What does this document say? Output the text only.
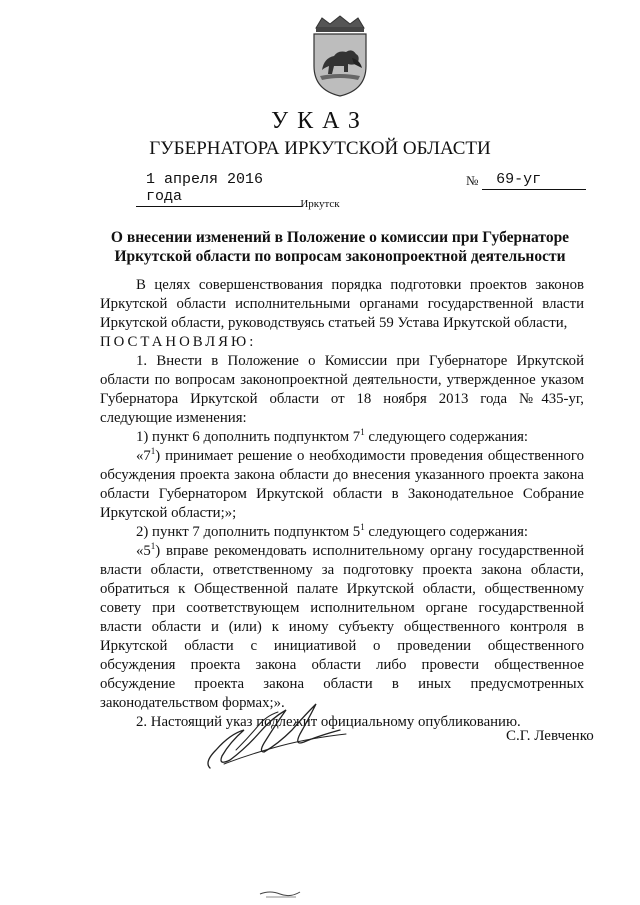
УКАЗ
ГУБЕРНАТОРА ИРКУТСКОЙ ОБЛАСТИ
1 апреля 2016 года
№ 69-уг
Иркутск
О внесении изменений в Положение о комиссии при Губернаторе
Иркутской области по вопросам законопроектной деятельности

В целях совершенствования порядка подготовки проектов законов Иркутской области исполнительными органами государственной власти Иркутской области, руководствуясь статьей 59 Устава Иркутской области,

ПОСТАНОВЛЯЮ:

1. Внести в Положение о Комиссии при Губернаторе Иркутской области по вопросам законопроектной деятельности, утвержденное указом Губернатора Иркутской области от 18 ноября 2013 года №435-уг, следующие изменения:

1) пункт 6 дополнить подпунктом $7^1$ следующего содержания:

«$7^1$) принимает решение о необходимости проведения общественного обсуждения проекта закона области до внесения указанного проекта закона области Губернатором Иркутской области в Законодательное Собрание Иркутской области;»;

2) пункт 7 дополнить подпунктом $5^1$ следующего содержания:

«$5^1$) вправе рекомендовать исполнительному органу государственной власти области, ответственному за подготовку проекта закона области, обратиться к Общественной палате Иркутской области, общественному совету при соответствующем исполнительном органе государственной власти области и (или) к иному субъекту общественного контроля в Иркутской области с инициативой о проведении общественного обсуждения проекта закона области либо провести общественное обсуждение проекта закона области в иных предусмотренных законодательством формах;».

2. Настоящий указ подлежит официальному опубликованию.

С.Г. Левченко
